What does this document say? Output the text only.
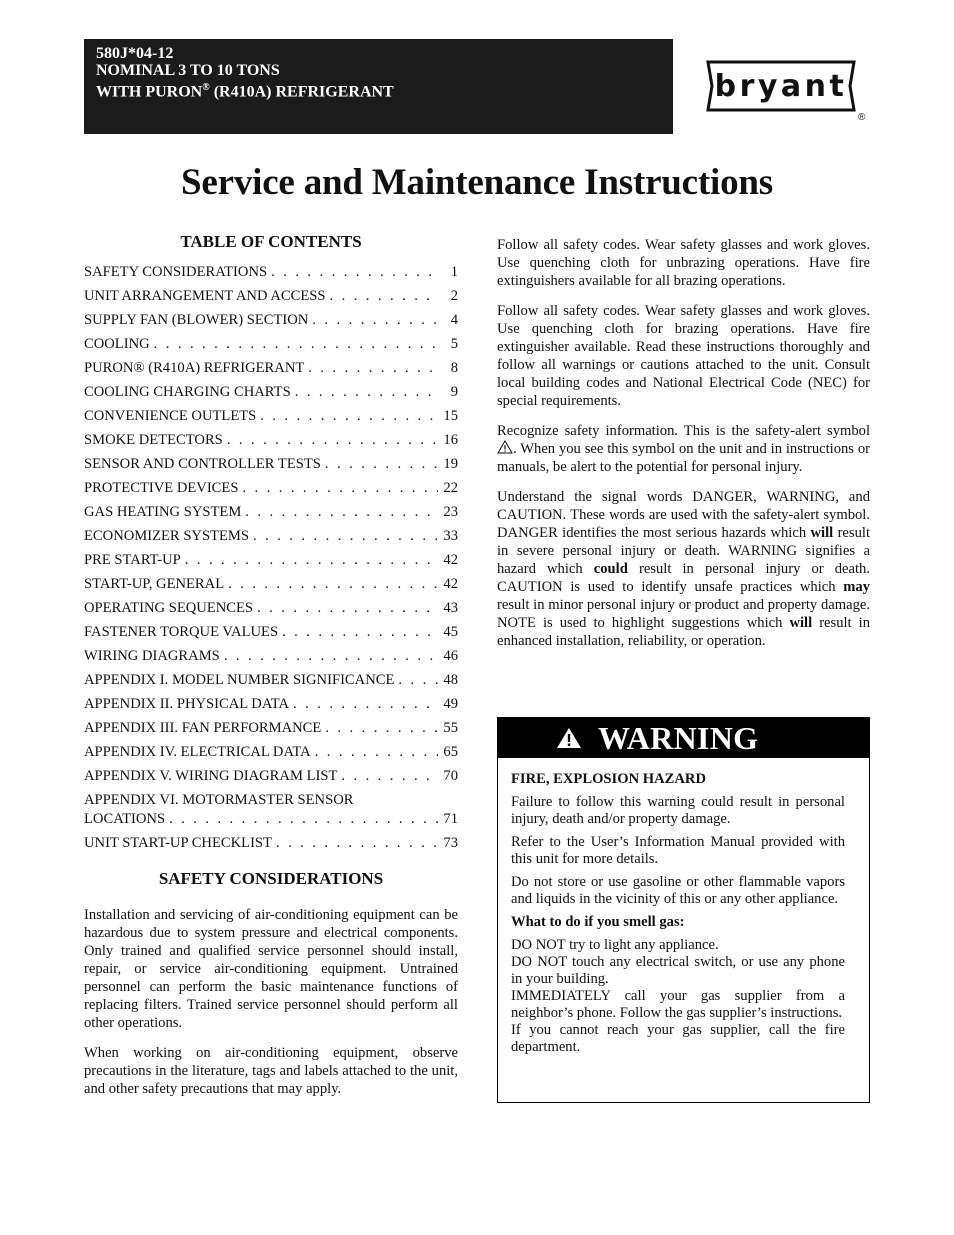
580J*04-12
NOMINAL 3 TO 10 TONS
WITH PURON® (R410A) REFRIGERANT	bryant
®
Service and Maintenance Instructions
TABLE OF CONTENTS
SAFETY CONSIDERATIONS . . .	1
UNIT ARRANGEMENT AND ACCESS . . .	2
SUPPLY FAN (BLOWER) SECTION . . .	4
COOLING . . .	5
PURON® (R410A) REFRIGERANT . . .	8
COOLING CHARGING CHARTS . . .	9
CONVENIENCE OUTLETS . . .	15
SMOKE DETECTORS . . .	16
SENSOR AND CONTROLLER TESTS . . .	19
PROTECTIVE DEVICES . . .	22
GAS HEATING SYSTEM . . .	23
ECONOMIZER SYSTEMS . . .	33
PRE START-UP . . .	42
START-UP, GENERAL . . .	42
OPERATING SEQUENCES . . .	43
FASTENER TORQUE VALUES . . .	45
WIRING DIAGRAMS . . .	46
APPENDIX I. MODEL NUMBER SIGNIFICANCE . . .	48
APPENDIX II. PHYSICAL DATA . . .	49
APPENDIX III. FAN PERFORMANCE . . .	55
APPENDIX IV. ELECTRICAL DATA . . .	65
APPENDIX V. WIRING DIAGRAM LIST . . .	70
APPENDIX VI. MOTORMASTER SENSOR
LOCATIONS . . .	71
UNIT START-UP CHECKLIST . . .	73
SAFETY CONSIDERATIONS

Installation and servicing of air-conditioning equipment can be hazardous due to system pressure and electrical components. Only trained and qualified service personnel should install, repair, or service air-conditioning equipment. Untrained personnel can perform the basic maintenance functions of replacing filters. Trained service personnel should perform all other operations.

When working on air-conditioning equipment, observe precautions in the literature, tags and labels attached to the unit, and other safety precautions that may apply.

Follow all safety codes. Wear safety glasses and work gloves. Use quenching cloth for unbrazing operations. Have fire extinguishers available for all brazing operations.

Follow all safety codes. Wear safety glasses and work gloves. Use quenching cloth for brazing operations. Have fire extinguisher available. Read these instructions thoroughly and follow all warnings or cautions attached to the unit. Consult local building codes and National Electrical Code (NEC) for special requirements.

Recognize safety information. This is the safety-alert symbol . When you see this symbol on the unit and in instructions or manuals, be alert to the potential for personal injury.

Understand the signal words DANGER, WARNING, and CAUTION. These words are used with the safety-alert symbol. DANGER identifies the most serious hazards which will result in severe personal injury or death. WARNING signifies a hazard which could result in personal injury or death. CAUTION is used to identify unsafe practices which may result in minor personal injury or product and property damage. NOTE is used to highlight suggestions which will result in enhanced installation, reliability, or operation.

WARNING
FIRE, EXPLOSION HAZARD

Failure to follow this warning could result in personal injury, death and/or property damage.

Refer to the User’s Information Manual provided with this unit for more details.

Do not store or use gasoline or other flammable vapors and liquids in the vicinity of this or any other appliance.

What to do if you smell gas:
DO NOT try to light any appliance.
DO NOT touch any electrical switch, or use any phone in your building.
IMMEDIATELY call your gas supplier from a neighbor’s phone. Follow the gas supplier’s instructions.
If you cannot reach your gas supplier, call the fire department.
